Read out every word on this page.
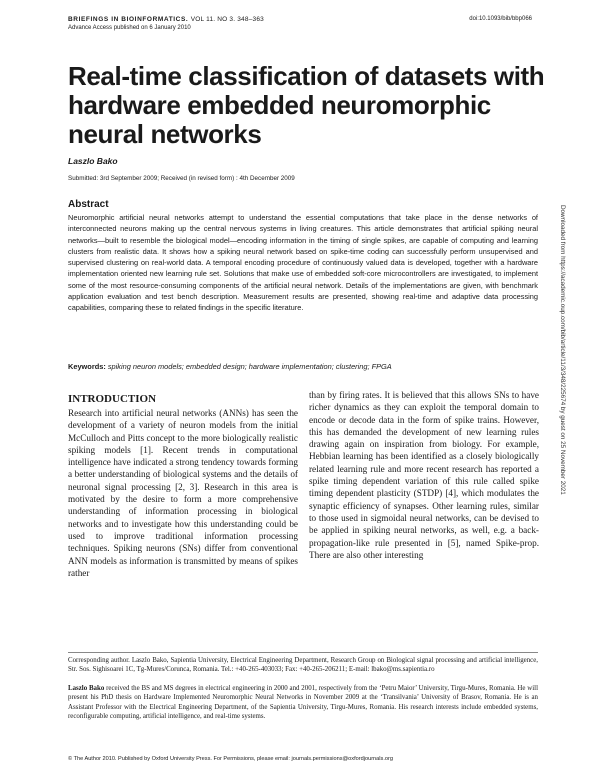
BRIEFINGS IN BIOINFORMATICS. VOL 11. NO 3. 348–363
Advance Access published on 6 January 2010
doi:10.1093/bib/bbp066
Real-time classification of datasets with hardware embedded neuromorphic neural networks
Laszlo Bako
Submitted: 3rd September 2009; Received (in revised form) : 4th December 2009
Abstract

Neuromorphic artificial neural networks attempt to understand the essential computations that take place in the dense networks of interconnected neurons making up the central nervous systems in living creatures. This article demonstrates that artificial spiking neural networks—built to resemble the biological model—encoding information in the timing of single spikes, are capable of computing and learning clusters from realistic data. It shows how a spiking neural network based on spike-time coding can successfully perform unsupervised and supervised clustering on real-world data. A temporal encoding procedure of continuously valued data is developed, together with a hardware implementation oriented new learning rule set. Solutions that make use of embedded soft-core microcontrollers are investigated, to implement some of the most resource-consuming components of the artificial neural network. Details of the implementations are given, with benchmark application evaluation and test bench description. Measurement results are presented, showing real-time and adaptive data processing capabilities, comparing these to related findings in the specific literature.

Keywords: spiking neuron models; embedded design; hardware implementation; clustering; FPGA

INTRODUCTION

Research into artificial neural networks (ANNs) has seen the development of a variety of neuron models from the initial McCulloch and Pitts concept to the more biologically realistic spiking models [1]. Recent trends in computational intelligence have indicated a strong tendency towards forming a better understanding of biological systems and the details of neuronal signal processing [2, 3]. Research in this area is motivated by the desire to form a more comprehensive understanding of information processing in biological networks and to investigate how this understanding could be used to improve traditional information processing techniques. Spiking neurons (SNs) differ from conventional ANN models as information is transmitted by means of spikes rather

than by firing rates. It is believed that this allows SNs to have richer dynamics as they can exploit the temporal domain to encode or decode data in the form of spike trains. However, this has demanded the development of new learning rules drawing again on inspiration from biology. For example, Hebbian learning has been identified as a closely biologically related learning rule and more recent research has reported a spike timing dependent variation of this rule called spike timing dependent plasticity (STDP) [4], which modulates the synaptic efficiency of synapses. Other learning rules, similar to those used in sigmoidal neural networks, can be devised to be applied in spiking neural networks, as well, e.g. a back-propagation-like rule presented in [5], named Spike-prop. There are also other interesting

Corresponding author. Laszlo Bako, Sapientia University, Electrical Engineering Department, Research Group on Biological signal processing and artificial intelligence, Str. Sos. Sighisoarei 1C, Tg-Mures/Corunca, Romania. Tel.: +40-265-403033; Fax: +40-265-206211; E-mail: lbako@ms.sapientia.ro

Laszlo Bako received the BS and MS degrees in electrical engineering in 2000 and 2001, respectively from the ‘Petru Maior’ University, Tirgu-Mures, Romania. He will present his PhD thesis on Hardware Implemented Neuromorphic Neural Networks in November 2009 at the ‘Transilvania’ University of Brasov, Romania. He is an Assistant Professor with the Electrical Engineering Department, of the Sapientia University, Tirgu-Mures, Romania. His research interests include embedded systems, reconfigurable computing, artificial intelligence, and real-time systems.

© The Author 2010. Published by Oxford University Press. For Permissions, please email: journals.permissions@oxfordjournals.org
Downloaded from https://academic.oup.com/bib/article/11/3/348/225674 by guest on 25 November 2021
